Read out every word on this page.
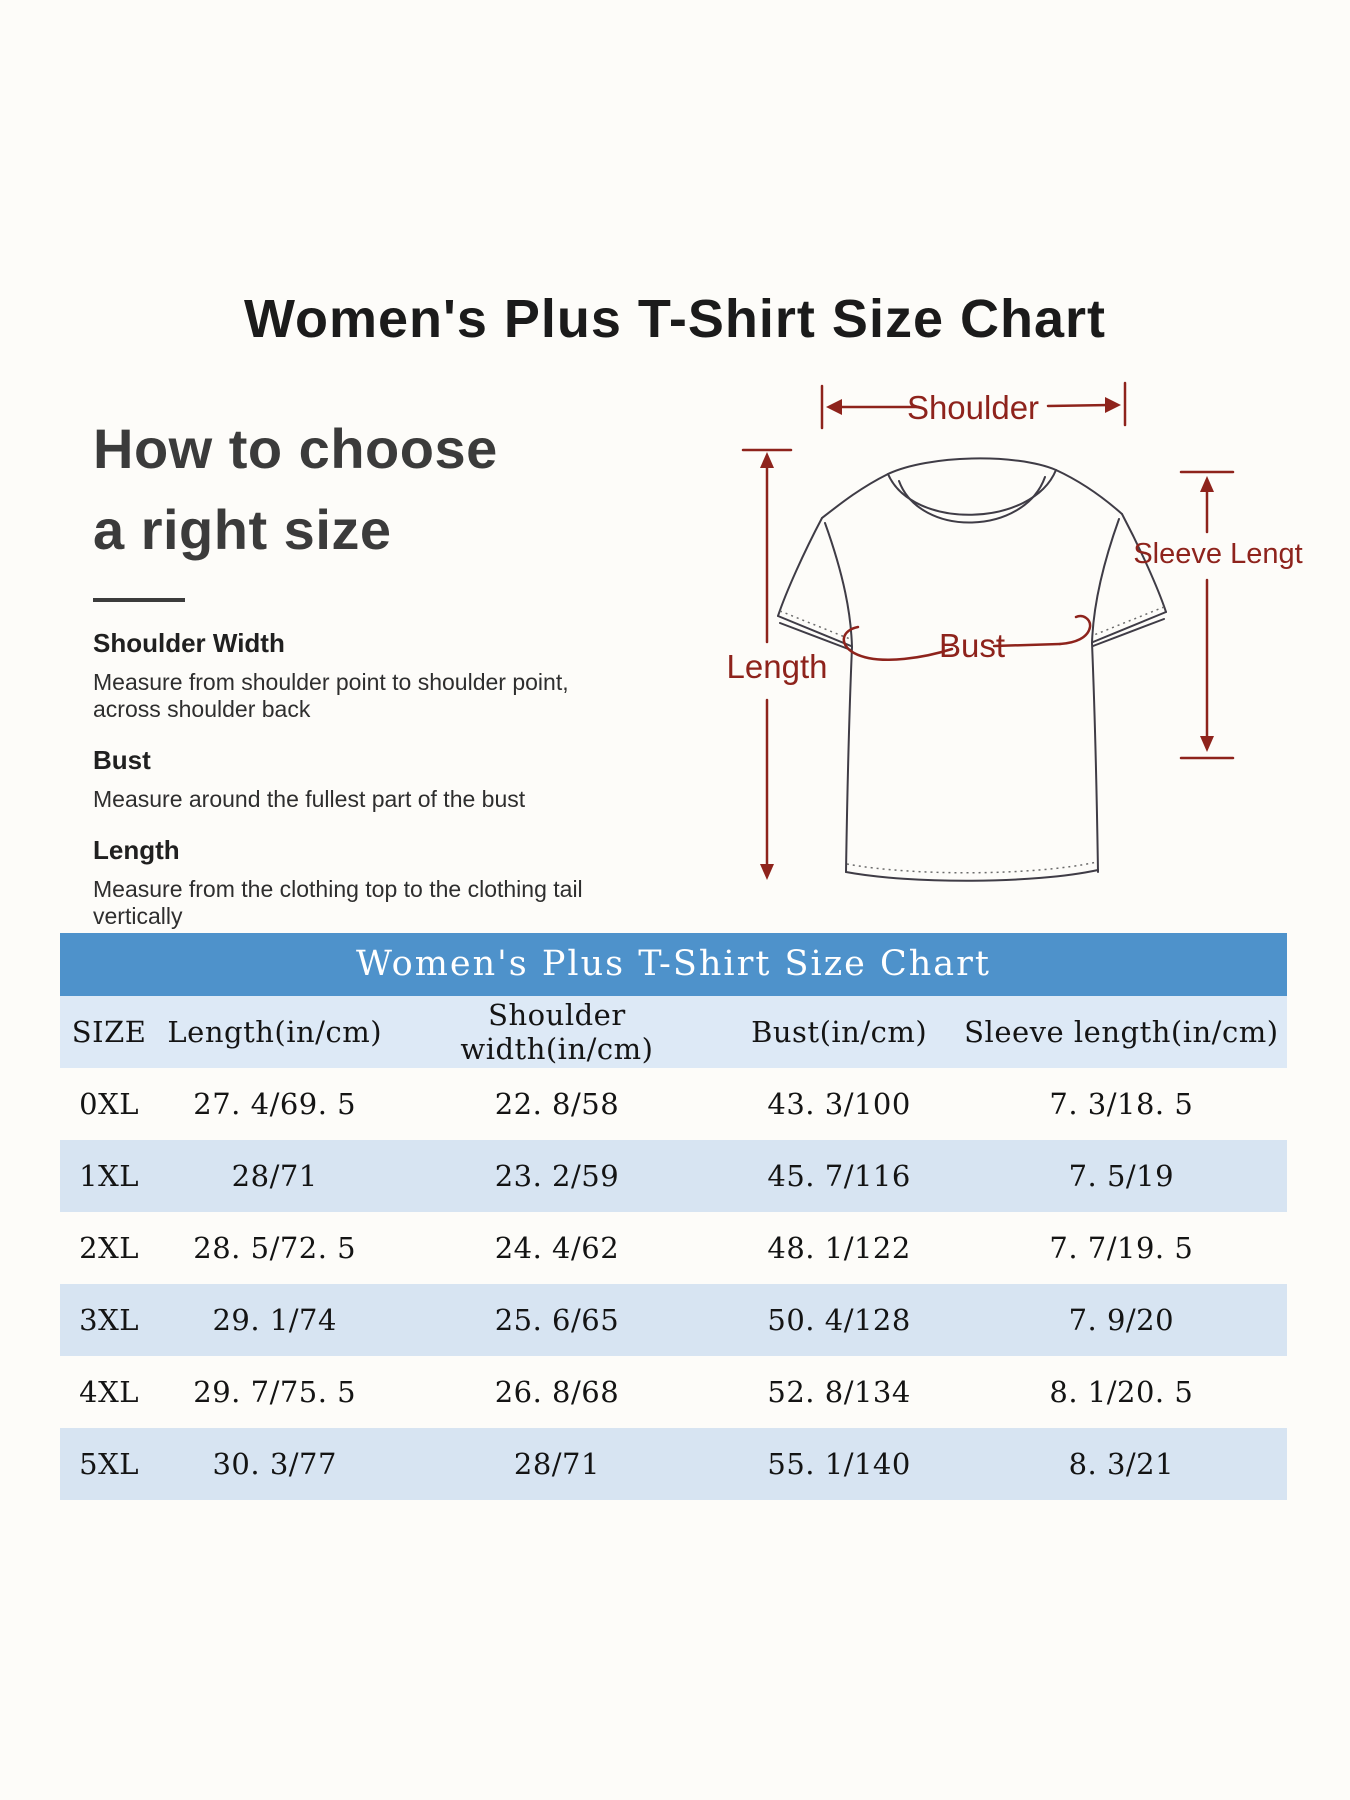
Women's Plus T-Shirt Size Chart
How to choose
a right size
Shoulder Width
Measure from shoulder point to shoulder point, across shoulder back
Bust
Measure around the fullest part of the bust
Length
Measure from the clothing top to the clothing tail vertically
Shoulder
Length
Bust
Sleeve Lengt
Women's Plus T-Shirt Size Chart
SIZE	Length(in/cm)	Shoulder width(in/cm)	Bust(in/cm)	Sleeve length(in/cm)
0XL	27. 4/69. 5	22. 8/58	43. 3/100	7. 3/18. 5
1XL	28/71	23. 2/59	45. 7/116	7. 5/19
2XL	28. 5/72. 5	24. 4/62	48. 1/122	7. 7/19. 5
3XL	29. 1/74	25. 6/65	50. 4/128	7. 9/20
4XL	29. 7/75. 5	26. 8/68	52. 8/134	8. 1/20. 5
5XL	30. 3/77	28/71	55. 1/140	8. 3/21
